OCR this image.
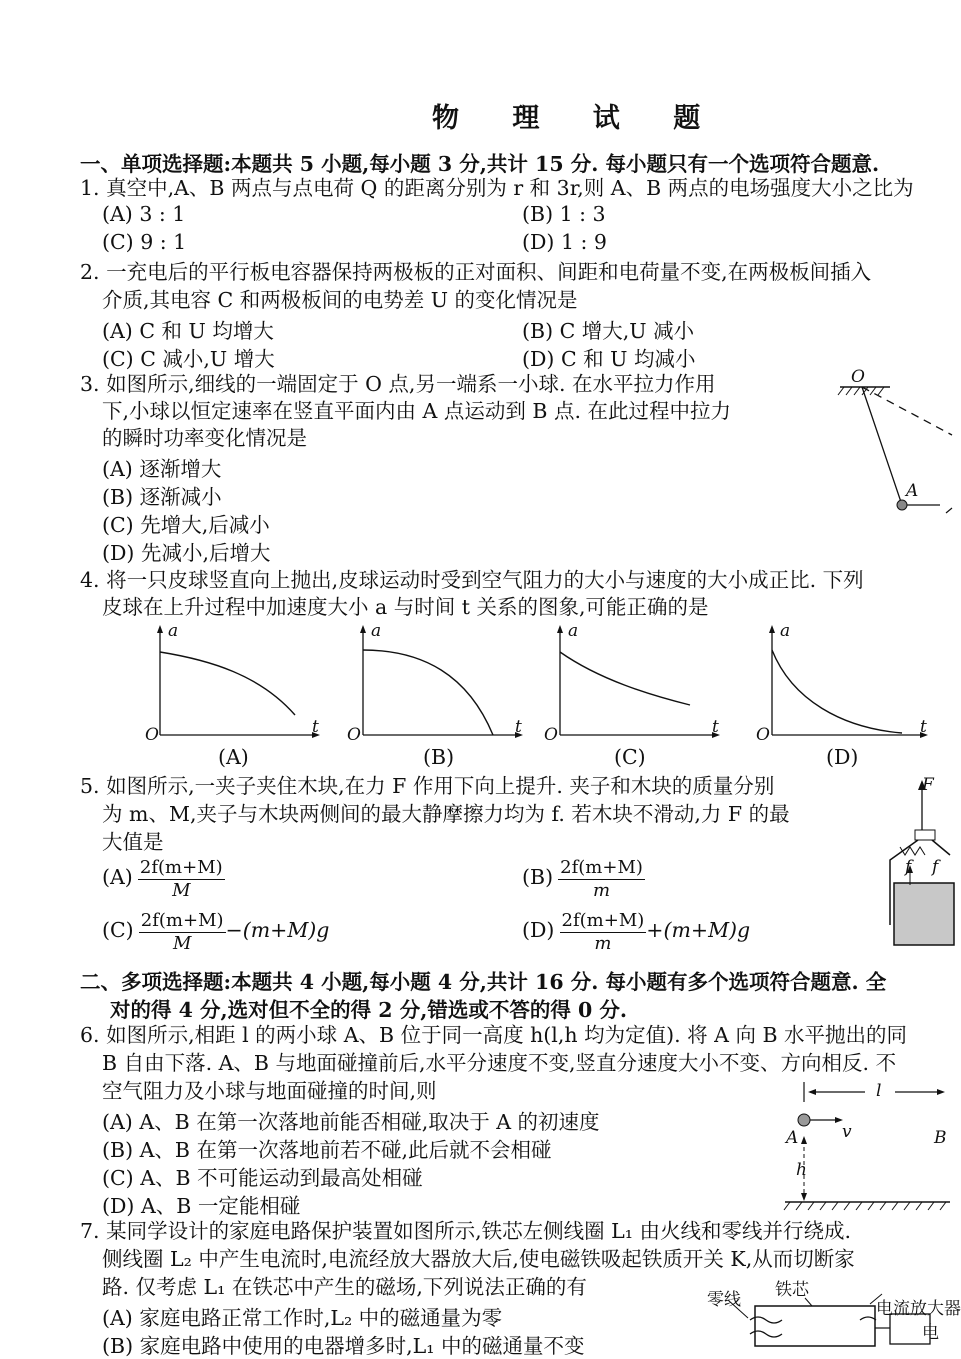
物 理 试 题
一、单项选择题:本题共 5 小题,每小题 3 分,共计 15 分. 每小题只有一个选项符合题意.
1. 真空中,A、B 两点与点电荷 Q 的距离分别为 r 和 3r,则 A、B 两点的电场强度大小之比为
(A) 3 : 1	(B) 1 : 3
(C) 9 : 1	(D) 1 : 9
2. 一充电后的平行板电容器保持两极板的正对面积、间距和电荷量不变,在两极板间插入
介质,其电容 C 和两极板间的电势差 U 的变化情况是
(A) C 和 U 均增大	(B) C 增大,U 减小
(C) C 减小,U 增大	(D) C 和 U 均减小
3. 如图所示,细线的一端固定于 O 点,另一端系一小球. 在水平拉力作用
下,小球以恒定速率在竖直平面内由 A 点运动到 B 点. 在此过程中拉力
的瞬时功率变化情况是
(A) 逐渐增大
(B) 逐渐减小
(C) 先增大,后减小
(D) 先减小,后增大
O
A
4. 将一只皮球竖直向上抛出,皮球运动时受到空气阻力的大小与速度的大小成正比. 下列
皮球在上升过程中加速度大小 a 与时间 t 关系的图象,可能正确的是
a
t
O
(A)
a
t
O
(B)
a
t
O
(C)
a
t
O
(D)
5. 如图所示,一夹子夹住木块,在力 F 作用下向上提升. 夹子和木块的质量分别
为 m、M,夹子与木块两侧间的最大静摩擦力均为 f. 若木块不滑动,力 F 的最
大值是
$(A) \frac{2f(m+M)}{M}$	$(B) \frac{2f(m+M)}{m}$
$(C) \frac{2f(m+M)}{M} -(m+M)g$	$(D) \frac{2f(m+M)}{m} +(m+M)g$
F
f f
二、多项选择题:本题共 4 小题,每小题 4 分,共计 16 分. 每小题有多个选项符合题意. 全
对的得 4 分,选对但不全的得 2 分,错选或不答的得 0 分.
6. 如图所示,相距 l 的两小球 A、B 位于同一高度 h(l,h 均为定值). 将 A 向 B 水平抛出的同
B 自由下落. A、B 与地面碰撞前后,水平分速度不变,竖直分速度大小不变、方向相反. 不
空气阻力及小球与地面碰撞的时间,则
(A) A、B 在第一次落地前能否相碰,取决于 A 的初速度
(B) A、B 在第一次落地前若不碰,此后就不会相碰
(C) A、B 不可能运动到最高处相碰
(D) A、B 一定能相碰
l
A	v	B
h
7. 某同学设计的家庭电路保护装置如图所示,铁芯左侧线圈 L₁ 由火线和零线并行绕成.
侧线圈 L₂ 中产生电流时,电流经放大器放大后,使电磁铁吸起铁质开关 K,从而切断家
路. 仅考虑 L₁ 在铁芯中产生的磁场,下列说法正确的有
(A) 家庭电路正常工作时,L₂ 中的磁通量为零
(B) 家庭电路中使用的电器增多时,L₁ 中的磁通量不变
零线 铁芯
电流放大器
电
